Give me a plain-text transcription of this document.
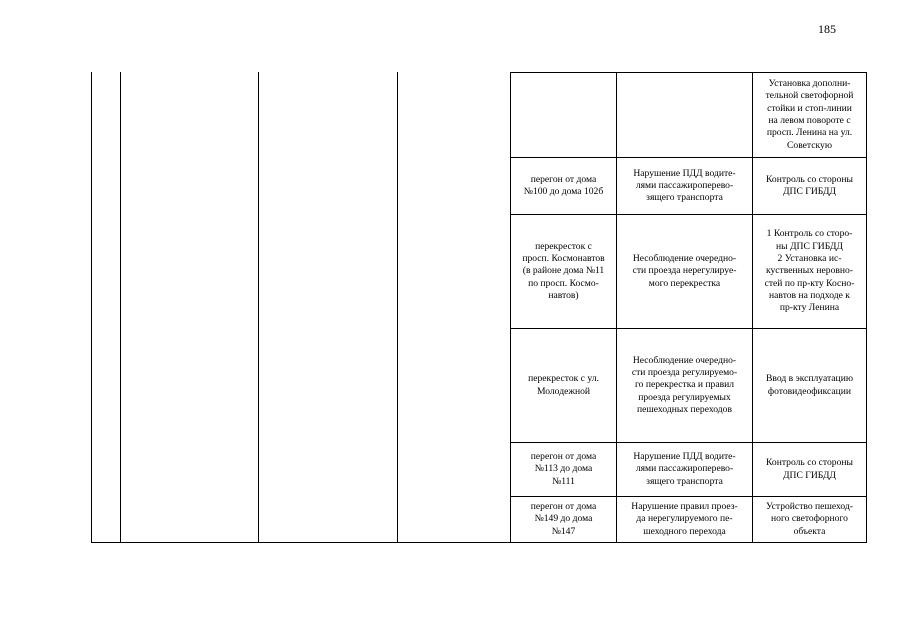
185
Установка дополни-
тельной светофорной
стойки и стоп-линии
на левом повороте с
просп. Ленина на ул.
Советскую
перегон от дома
№100 до дома 102б
Нарушение ПДД водите-
лями пассажироперево-
зящего транспорта
Контроль со стороны
ДПС ГИБДД
перекресток с
просп. Космонавтов
(в районе дома №11
по просп. Космо-
навтов)
Несоблюдение очередно-
сти проезда нерегулируе-
мого перекрестка
1 Контроль со сторо-
ны ДПС ГИБДД
2 Установка ис-
куственных неровно-
стей по пр-кту Косно-
навтов на подходе к
пр-кту Ленина
перекресток с ул.
Молодежной
Несоблюдение очередно-
сти проезда регулируемо-
го перекрестка и правил
проезда регулируемых
пешеходных переходов
Ввод в эксплуатацию
фотовидеофиксации
перегон от дома
№113 до дома
№111
Нарушение ПДД водите-
лями пассажироперево-
зящего транспорта
Контроль со стороны
ДПС ГИБДД
перегон от дома
№149 до дома
№147
Нарушение правил проез-
да нерегулируемого пе-
шеходного перехода
Устройство пешеход-
ного светофорного
объекта
